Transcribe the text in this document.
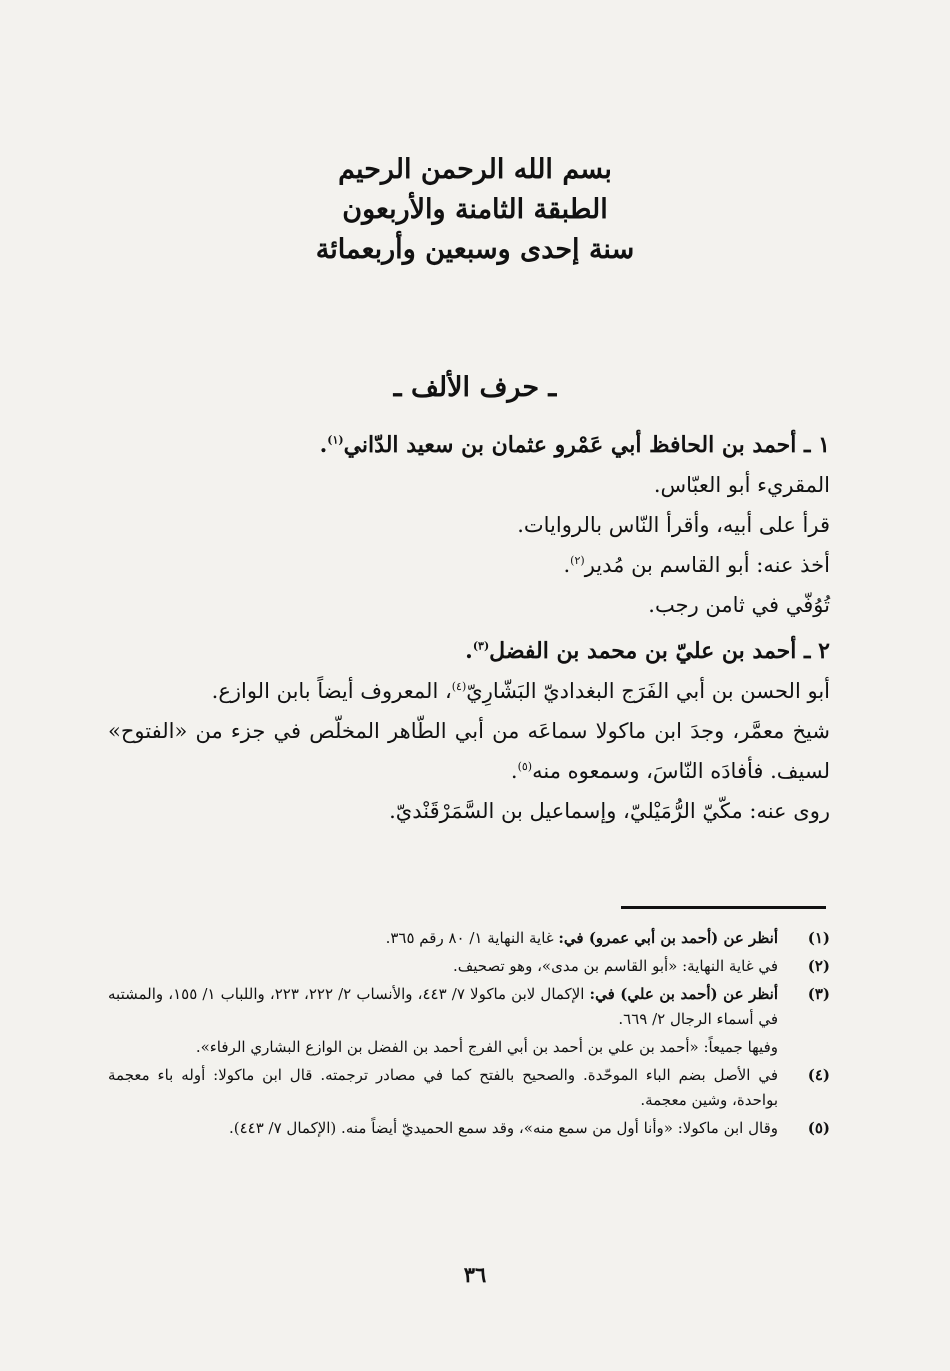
بسم الله الرحمن الرحيم
الطبقة الثامنة والأربعون
سنة إحدى وسبعين وأربعمائة
ـ حرف الألف ـ

١ ـ أحمد بن الحافظ أبي عَمْرو عثمان بن سعيد الدّاني$^{(١)}$.

المقريء أبو العبّاس.

قرأ على أبيه، وأقرأ النّاس بالروايات.

أخذ عنه: أبو القاسم بن مُدير$^{(٢)}$.

تُوُفّي في ثامن رجب.

٢ ـ أحمد بن عليّ بن محمد بن الفضل$^{(٣)}$.

أبو الحسن بن أبي الفَرَج البغداديّ البَشّارِيّ$^{(٤)}$، المعروف أيضاً بابن الوازع.

شيخ معمَّر، وجدَ ابن ماكولا سماعَه من أبي الطّاهر المخلّص في جزء من «الفتوح» لسيف. فأفادَه النّاسَ، وسمعوه منه$^{(٥)}$.

روى عنه: مكّيّ الرُّمَيْليّ، وإسماعيل بن السَّمَرْقَنْديّ.

(١)
أنظر عن (أحمد بن أبي عمرو) في: غاية النهاية ١/ ٨٠ رقم ٣٦٥.
(٢)
في غاية النهاية: «أبو القاسم بن مدى»، وهو تصحيف.
(٣)
أنظر عن (أحمد بن علي) في: الإكمال لابن ماكولا ٧/ ٤٤٣، والأنساب ٢/ ٢٢٢، ٢٢٣، واللباب ١/ ١٥٥، والمشتبه في أسماء الرجال ٢/ ٦٦٩.
وفيها جميعاً: «أحمد بن علي بن أحمد بن أبي الفرج أحمد بن الفضل بن الوازع البشاري الرفاء».
(٤)
في الأصل بضم الباء الموحّدة. والصحيح بالفتح كما في مصادر ترجمته. قال ابن ماكولا: أوله باء معجمة بواحدة، وشين معجمة.
(٥)
وقال ابن ماكولا: «وأنا أول من سمع منه»، وقد سمع الحميديّ أيضاً منه. (الإكمال ٧/ ٤٤٣).
٣٦
